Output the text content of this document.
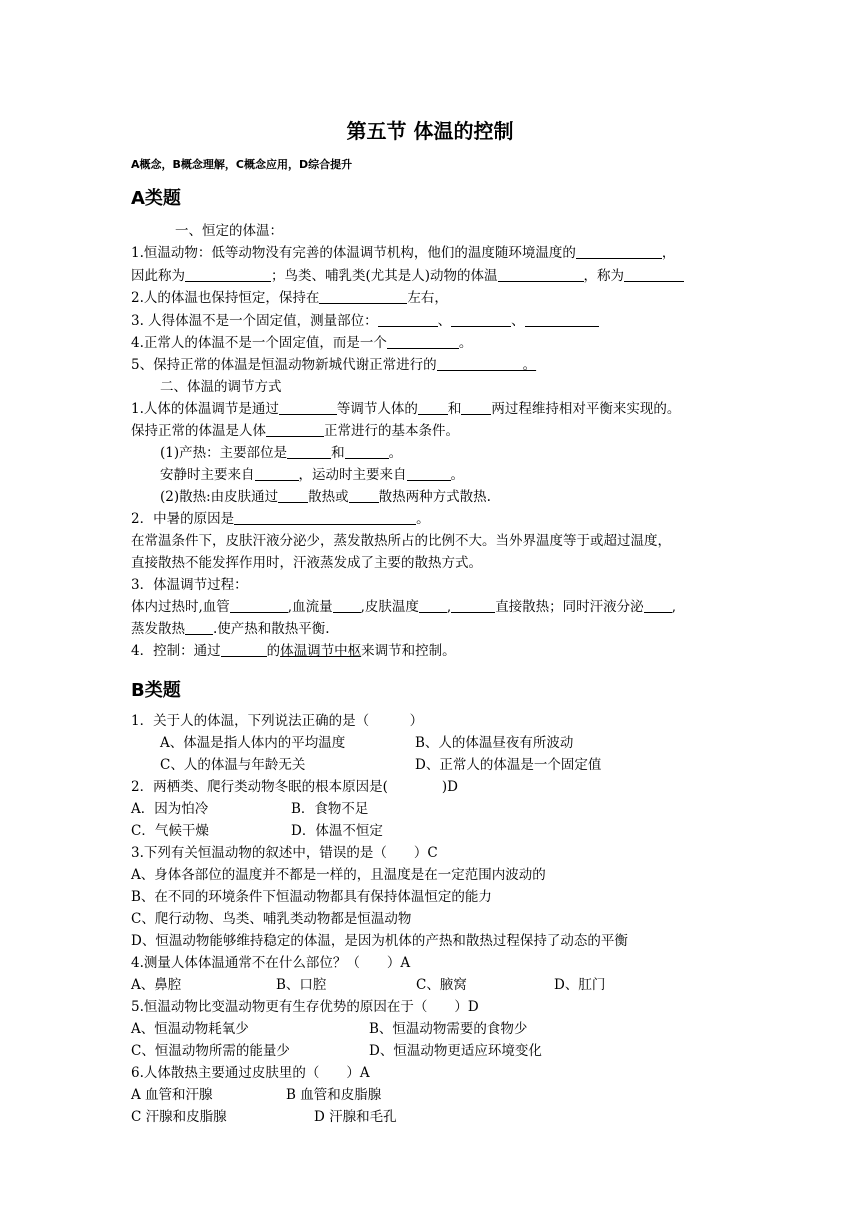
第五节 体温的控制
A概念，B概念理解，C概念应用，D综合提升
A类题
一、恒定的体温：
1.恒温动物：低等动物没有完善的体温调节机构，他们的温度随环境温度的	，
因此称为	；鸟类、哺乳类(尤其是人)动物的体温	，称为
2.人的体温也保持恒定，保持在	左右，
3. 人得体温不是一个固定值，测量部位：	、	、
4.正常人的体温不是一个固定值，而是一个	。
5、保持正常的体温是恒温动物新城代谢正常进行的	。
二、体温的调节方式
1.人体的体温调节是通过	等调节人体的 和 两过程维持相对平衡来实现的。
保持正常的体温是人体	正常进行的基本条件。
(1)产热：主要部位是	和	。
安静时主要来自	，运动时主要来自	。
(2)散热:由皮肤通过 散热或 散热两种方式散热.
2．中暑的原因是	。
在常温条件下，皮肤汗液分泌少，蒸发散热所占的比例不大。当外界温度等于或超过温度，
直接散热不能发挥作用时，汗液蒸发成了主要的散热方式。
3．体温调节过程：
体内过热时,血管	,血流量 ,皮肤温度 ,	直接散热；同时汗液分泌 ,
蒸发散热 .使产热和散热平衡.
4．控制：通过	的体温调节中枢来调节和控制。
B类题
1．关于人的体温，下列说法正确的是（　　　）
A、体温是指人体内的平均温度	B、人的体温昼夜有所波动
C、人的体温与年龄无关	D、正常人的体温是一个固定值
2．两栖类、爬行类动物冬眠的根本原因是(　　　　)D
A．因为怕冷	B．食物不足
C．气候干燥	D．体温不恒定
3.下列有关恒温动物的叙述中，错误的是（　　）C
A、身体各部位的温度并不都是一样的，且温度是在一定范围内波动的
B、在不同的环境条件下恒温动物都具有保持体温恒定的能力
C、爬行动物、鸟类、哺乳类动物都是恒温动物
D、恒温动物能够维持稳定的体温，是因为机体的产热和散热过程保持了动态的平衡
4.测量人体体温通常不在什么部位？（　　）A
A、鼻腔	B、口腔	C、腋窝	D、肛门
5.恒温动物比变温动物更有生存优势的原因在于（　　）D
A、恒温动物耗氧少	B、恒温动物需要的食物少
C、恒温动物所需的能量少	D、恒温动物更适应环境变化
6.人体散热主要通过皮肤里的（　　）A
A 血管和汗腺	B 血管和皮脂腺
C 汗腺和皮脂腺	D 汗腺和毛孔
